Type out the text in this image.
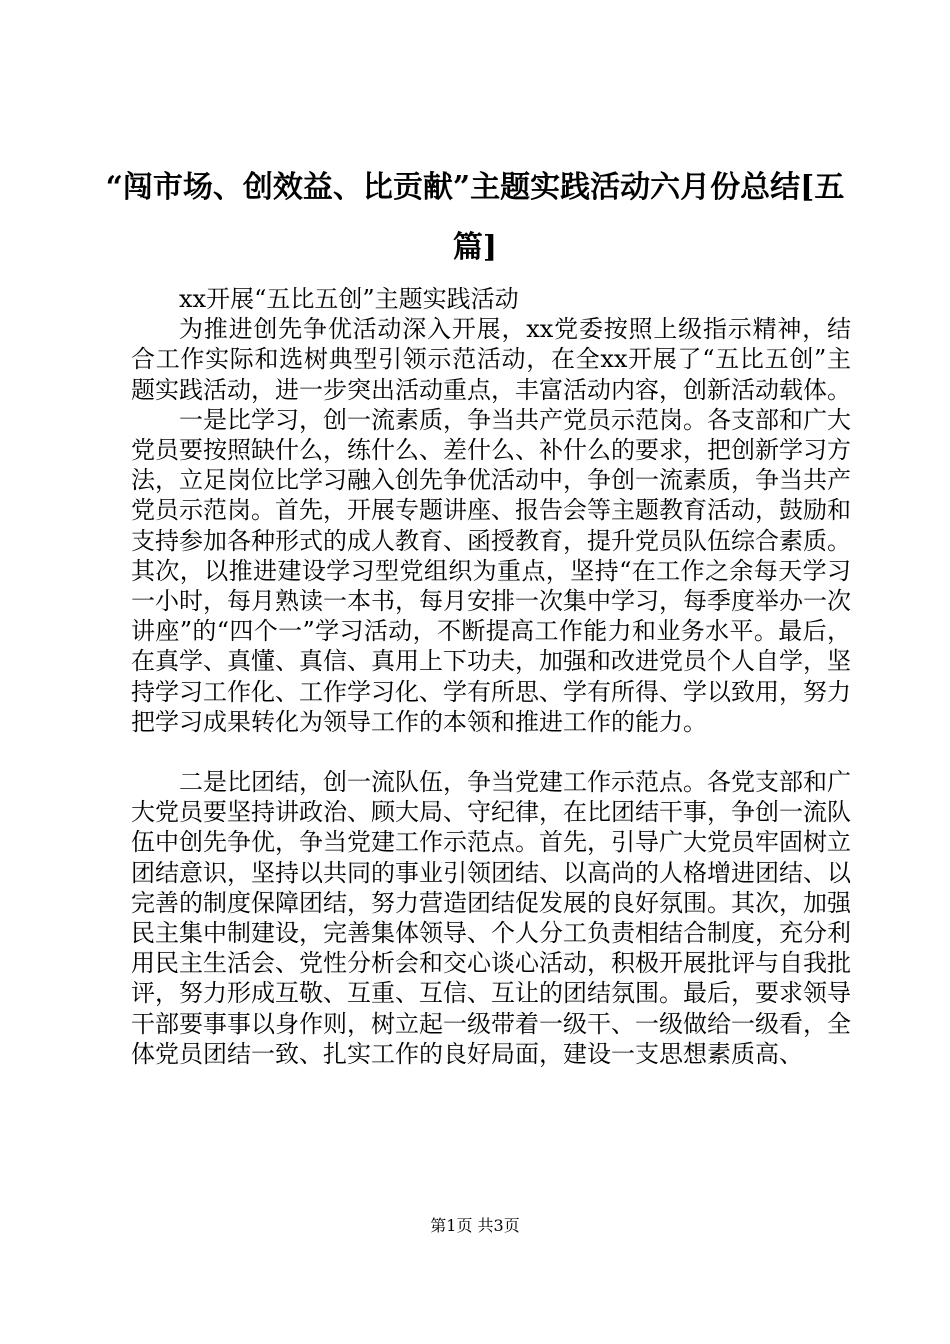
“闯市场、创效益、比贡献”主题实践活动六月份总结[五篇]

xx开展“五比五创”主题实践活动

为推进创先争优活动深入开展，xx党委按照上级指示精神，结合工作实际和选树典型引领示范活动，在全xx开展了“五比五创”主题实践活动，进一步突出活动重点，丰富活动内容，创新活动载体。

一是比学习，创一流素质，争当共产党员示范岗。各支部和广大党员要按照缺什么，练什么、差什么、补什么的要求，把创新学习方法，立足岗位比学习融入创先争优活动中，争创一流素质，争当共产党员示范岗。首先，开展专题讲座、报告会等主题教育活动，鼓励和支持参加各种形式的成人教育、函授教育，提升党员队伍综合素质。其次，以推进建设学习型党组织为重点，坚持“在工作之余每天学习一小时，每月熟读一本书，每月安排一次集中学习，每季度举办一次讲座”的“四个一”学习活动，不断提高工作能力和业务水平。最后，在真学、真懂、真信、真用上下功夫，加强和改进党员个人自学，坚持学习工作化、工作学习化、学有所思、学有所得、学以致用，努力把学习成果转化为领导工作的本领和推进工作的能力。

二是比团结，创一流队伍，争当党建工作示范点。各党支部和广大党员要坚持讲政治、顾大局、守纪律，在比团结干事，争创一流队伍中创先争优，争当党建工作示范点。首先，引导广大党员牢固树立团结意识，坚持以共同的事业引领团结、以高尚的人格增进团结、以完善的制度保障团结，努力营造团结促发展的良好氛围。其次，加强民主集中制建设，完善集体领导、个人分工负责相结合制度，充分利用民主生活会、党性分析会和交心谈心活动，积极开展批评与自我批评，努力形成互敬、互重、互信、互让的团结氛围。最后，要求领导干部要事事以身作则，树立起一级带着一级干、一级做给一级看，全体党员团结一致、扎实工作的良好局面，建设一支思想素质高、

第1页 共3页
